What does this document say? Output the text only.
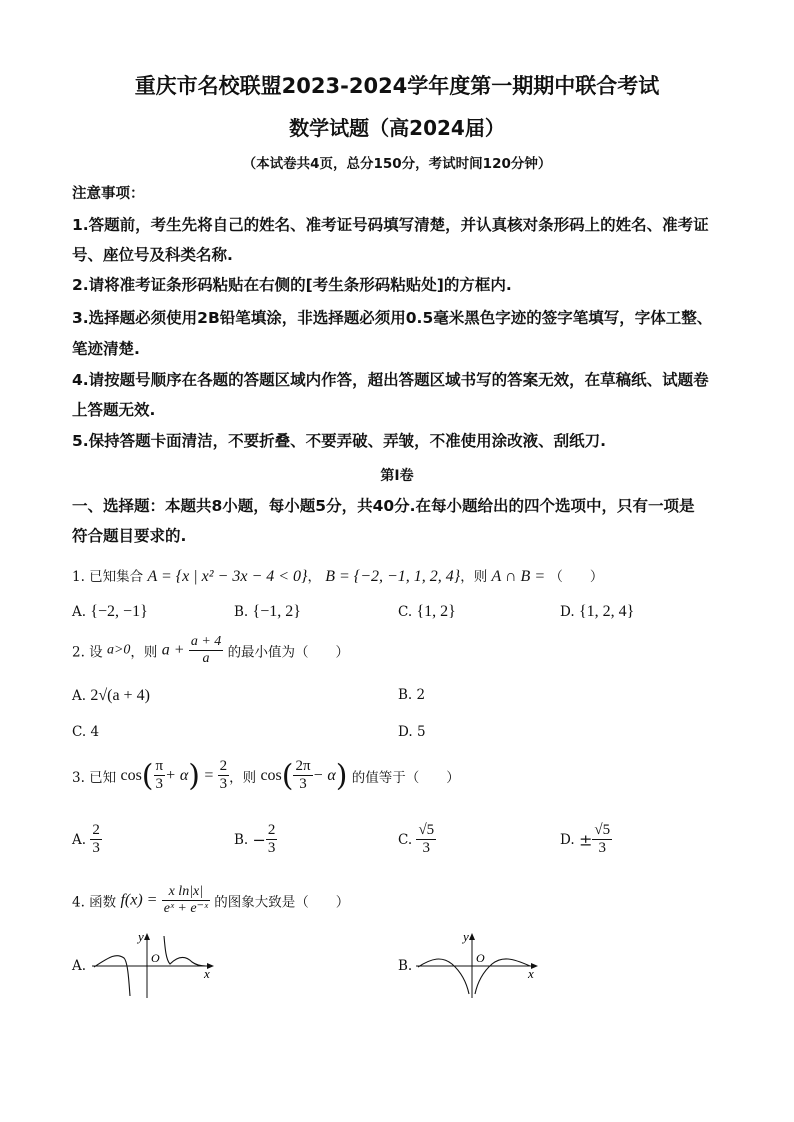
重庆市名校联盟2023-2024学年度第一期期中联合考试
数学试题（高2024届）
（本试卷共4页，总分150分，考试时间120分钟）
注意事项：
1.答题前，考生先将自己的姓名、准考证号码填写清楚，并认真核对条形码上的姓名、准考证
号、座位号及科类名称.
2.请将准考证条形码粘贴在右侧的[考生条形码粘贴处]的方框内.
3.选择题必须使用2B铅笔填涂，非选择题必须用0.5毫米黑色字迹的签字笔填写，字体工整、
笔迹清楚.
4.请按题号顺序在各题的答题区域内作答，超出答题区域书写的答案无效，在草稿纸、试题卷
上答题无效.
5.保持答题卡面清洁，不要折叠、不要弄破、弄皱，不准使用涂改液、刮纸刀.
第Ⅰ卷
一、选择题：本题共8小题，每小题5分，共40分.在每小题给出的四个选项中，只有一项是
符合题目要求的.
1. 已知集合 A = {x | x² − 3x − 4 < 0}， B = {−2, −1, 1, 2, 4}，则 A ∩ B = （　　）
A. {−2, −1}	B. {−1, 2}	C. {1, 2}	D. {1, 2, 4}
2. 设 a>0，则 $a + \frac{a + 4}{a}$ 的最小值为（　　）
A. 2√(a + 4)	B. 2
C. 4	D. 5
3. 已知 $\cos( \frac{\pi}{3} + \alpha) = \frac{2}{3}$ ，则 $\cos( \frac{2\pi}{3} - \alpha)$ 的值等于（　　）
A. $\frac{2}{3}$	B. − $\frac{2}{3}$	C. $\frac{√5}{3}$	D. ± $\frac{√5}{3}$
4. 函数 $f(x) = \frac{\text{x ln|x|}}{\text{eˣ + e⁻ˣ}}$ 的图象大致是（　　）
A.
y
O
x	B.
y
O
x
